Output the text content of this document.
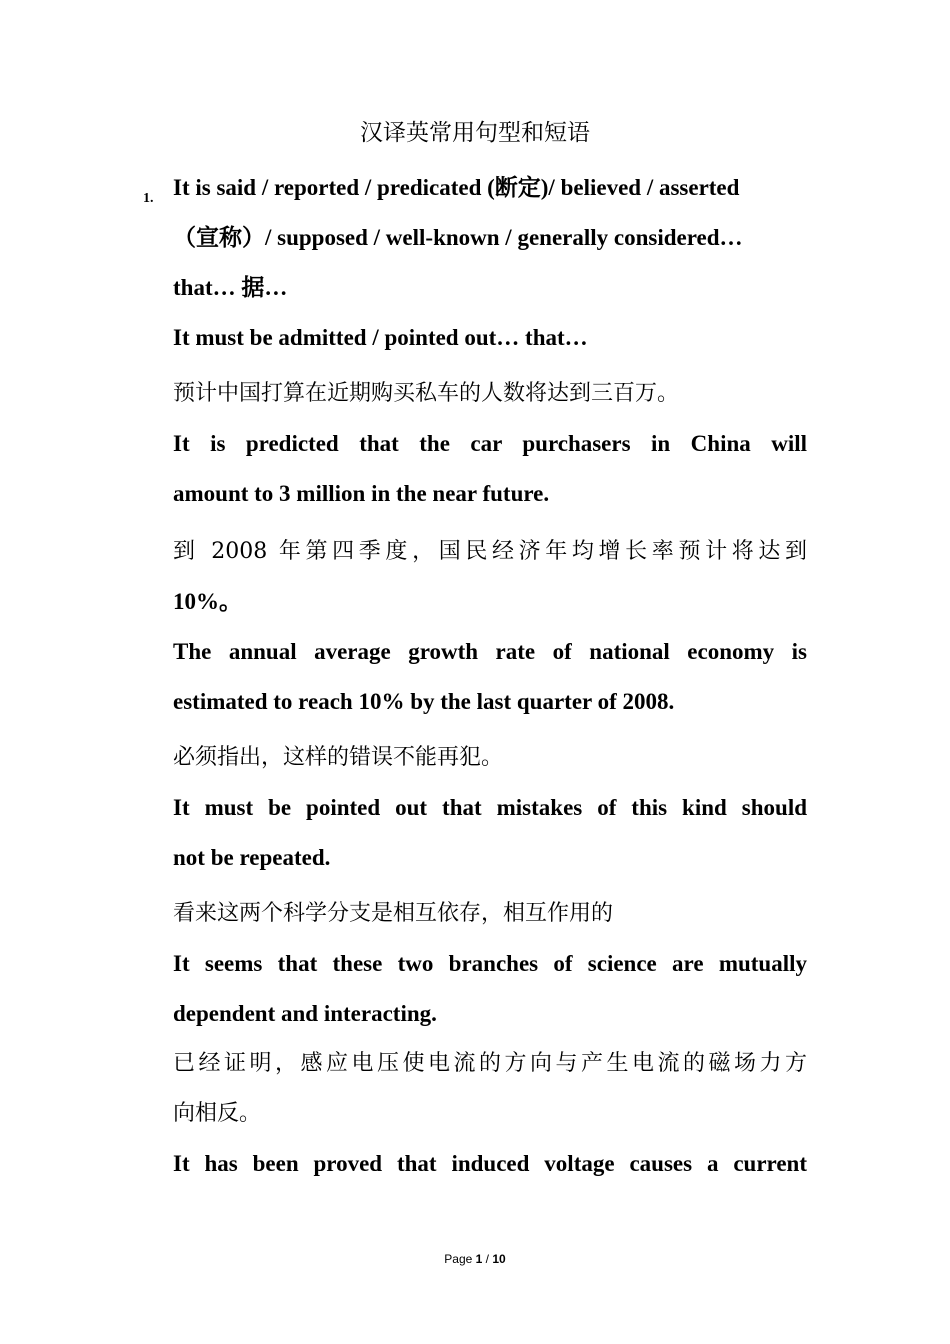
汉译英常用句型和短语
1. It is said / reported / predicated (断定)/ believed / asserted
（宣称）/ supposed / well-known / generally considered…
that… 据…
It must be admitted / pointed out… that…
预计中国打算在近期购买私车的人数将达到三百万。
It is predicted that the car purchasers in China will
amount to 3 million in the near future.
到 2008 年第四季度，国民经济年均增长率预计将达到
10%。
The annual average growth rate of national economy is
estimated to reach 10% by the last quarter of 2008.
必须指出，这样的错误不能再犯。
It must be pointed out that mistakes of this kind should
not be repeated.
看来这两个科学分支是相互依存，相互作用的
It seems that these two branches of science are mutually
dependent and interacting.
已经证明，感应电压使电流的方向与产生电流的磁场力方
向相反。
It has been proved that induced voltage causes a current
Page 1 / 10
